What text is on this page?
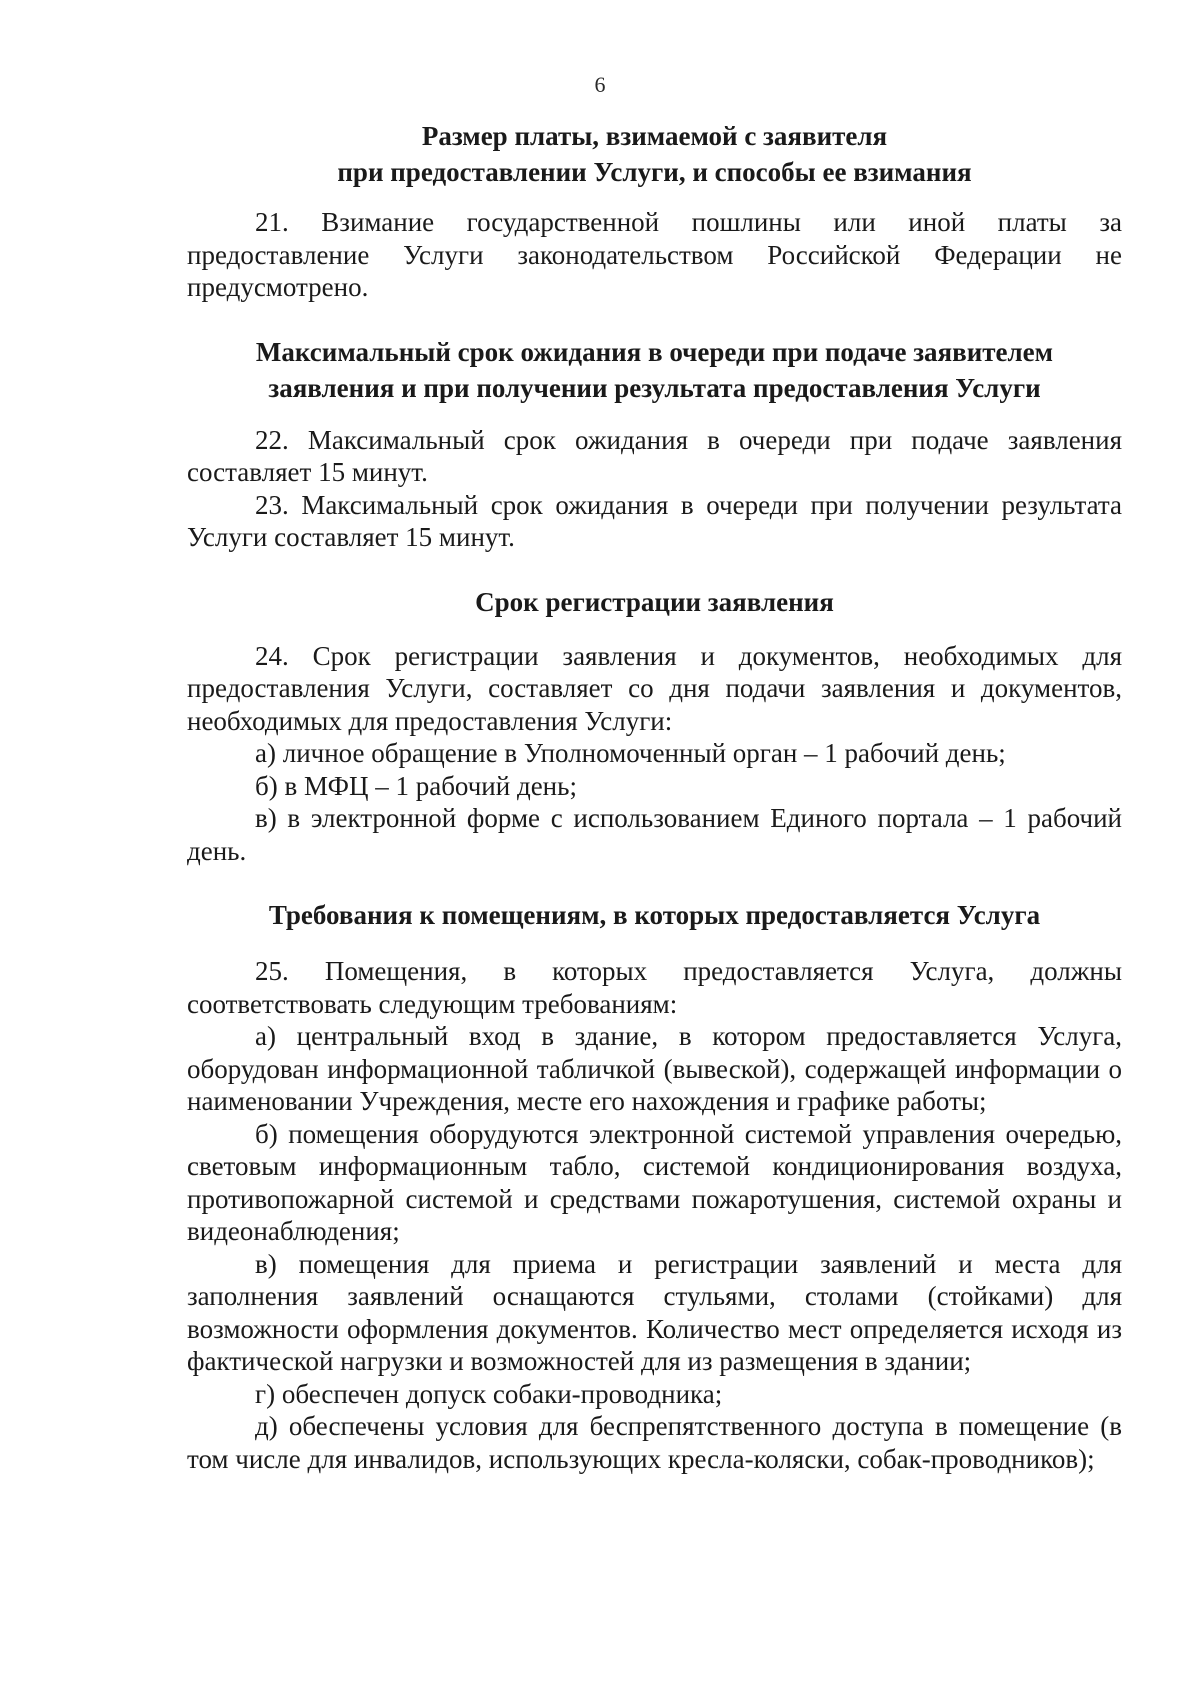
6
Размер платы, взимаемой с заявителя
при предоставлении Услуги, и способы ее взимания

21. Взимание государственной пошлины или иной платы за предоставление Услуги законодательством Российской Федерации не предусмотрено.

Максимальный срок ожидания в очереди при подаче заявителем
заявления и при получении результата предоставления Услуги

22. Максимальный срок ожидания в очереди при подаче заявления составляет 15 минут.

23. Максимальный срок ожидания в очереди при получении результата Услуги составляет 15 минут.

Срок регистрации заявления

24. Срок регистрации заявления и документов, необходимых для предоставления Услуги, составляет со дня подачи заявления и документов, необходимых для предоставления Услуги:

а) личное обращение в Уполномоченный орган – 1 рабочий день;

б) в МФЦ – 1 рабочий день;

в) в электронной форме с использованием Единого портала – 1 рабочий день.

Требования к помещениям, в которых предоставляется Услуга

25. Помещения, в которых предоставляется Услуга, должны соответствовать следующим требованиям:

а) центральный вход в здание, в котором предоставляется Услуга, оборудован информационной табличкой (вывеской), содержащей информации о наименовании Учреждения, месте его нахождения и графике работы;

б) помещения оборудуются электронной системой управления очередью, световым информационным табло, системой кондиционирования воздуха, противопожарной системой и средствами пожаротушения, системой охраны и видеонаблюдения;

в) помещения для приема и регистрации заявлений и места для заполнения заявлений оснащаются стульями, столами (стойками) для возможности оформления документов. Количество мест определяется исходя из фактической нагрузки и возможностей для из размещения в здании;

г) обеспечен допуск собаки-проводника;

д) обеспечены условия для беспрепятственного доступа в помещение (в том числе для инвалидов, использующих кресла-коляски, собак-проводников);
